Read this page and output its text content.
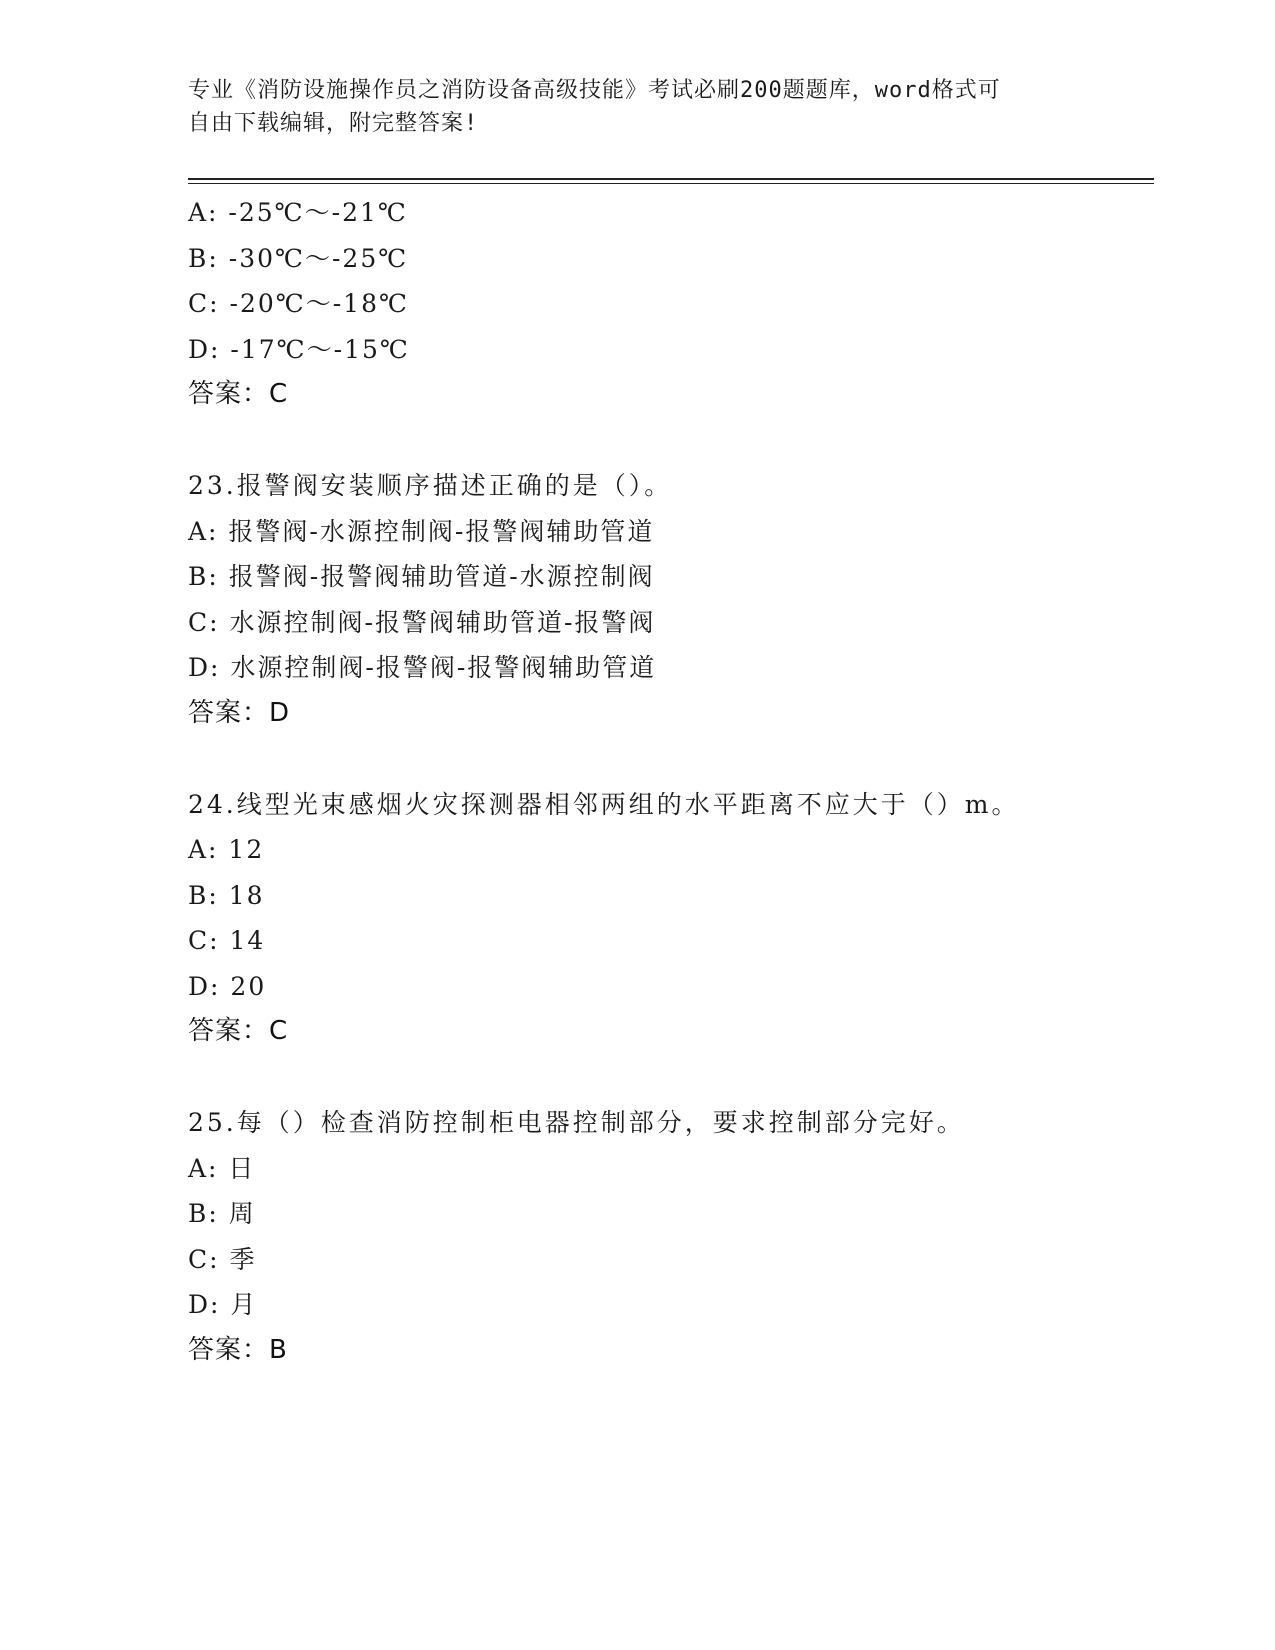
专业《消防设施操作员之消防设备高级技能》考试必刷200题题库，word格式可
自由下载编辑，附完整答案!
A: -25℃～-21℃
B: -30℃～-25℃
C: -20℃～-18℃
D: -17℃～-15℃
答案：C
23.报警阀安装顺序描述正确的是（）。
A: 报警阀-水源控制阀-报警阀辅助管道
B: 报警阀-报警阀辅助管道-水源控制阀
C: 水源控制阀-报警阀辅助管道-报警阀
D: 水源控制阀-报警阀-报警阀辅助管道
答案：D
24.线型光束感烟火灾探测器相邻两组的水平距离不应大于（）m。
A: 12
B: 18
C: 14
D: 20
答案：C
25.每（）检查消防控制柜电器控制部分，要求控制部分完好。
A: 日
B: 周
C: 季
D: 月
答案：B
